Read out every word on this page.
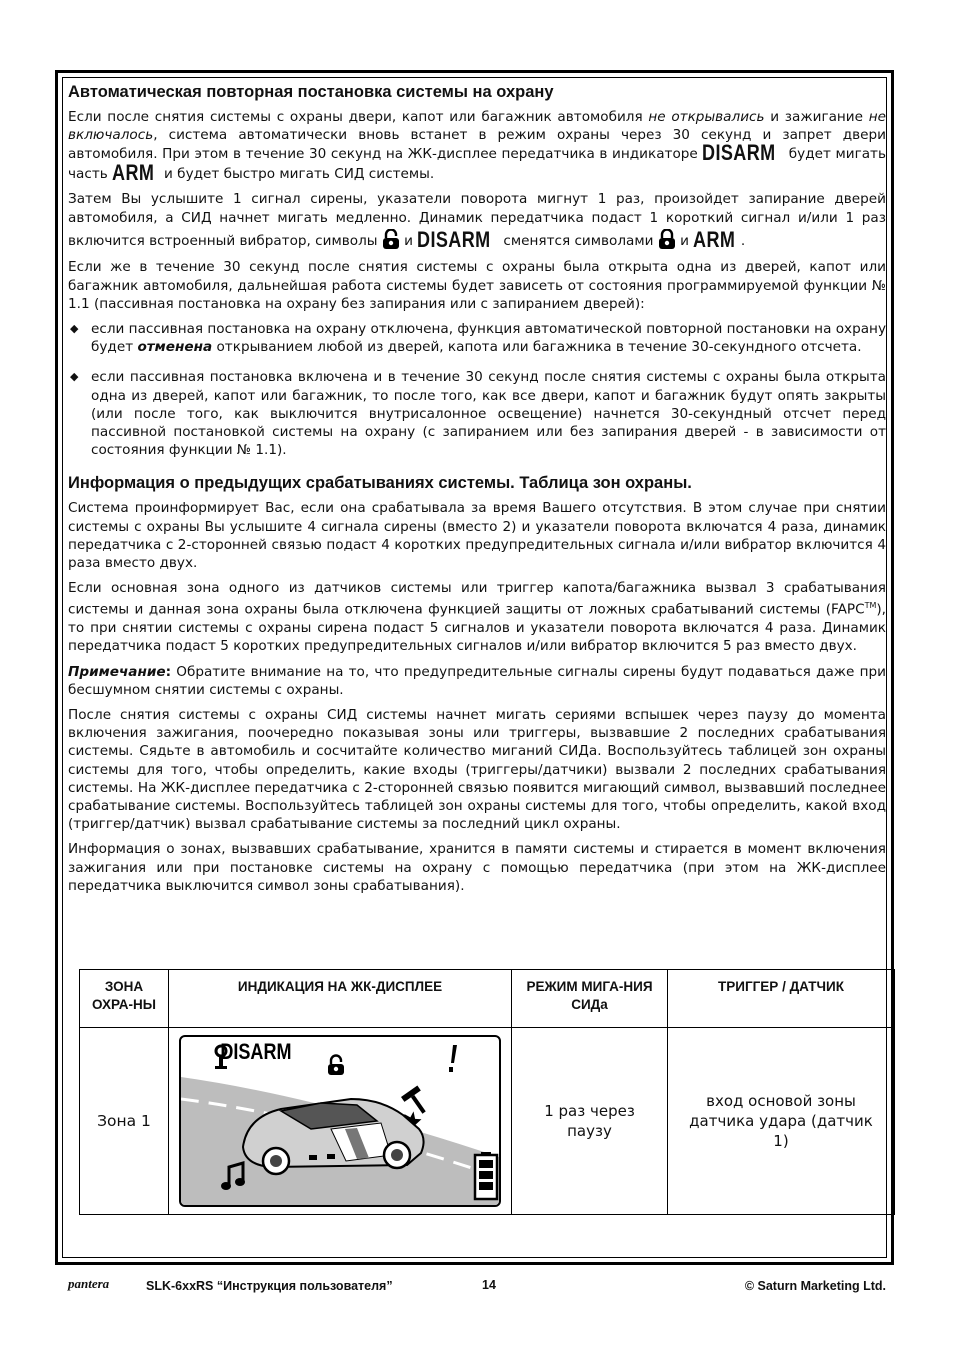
Автоматическая повторная постановка системы на охрану

Если после снятия системы с охраны двери, капот или багажник автомобиля не открывались и зажигание не включалось, система автоматически вновь встанет в режим охраны через 30 секунд и запрет двери автомобиля. При этом в течение 30 секунд на ЖК-дисплее передатчика в индикаторе DISARM будет мигать часть ARM и будет быстро мигать СИД системы.

Затем Вы услышите 1 сигнал сирены, указатели поворота мигнут 1 раз, произойдет запирание дверей автомобиля, а СИД начнет мигать медленно. Динамик передатчика подаст 1 короткий сигнал и/или 1 раз включится встроенный вибратор, символы  и DISARM сменятся символами  и ARM .

Если же в течение 30 секунд после снятия системы с охраны была открыта одна из дверей, капот или багажник автомобиля, дальнейшая работа системы будет зависеть от состояния программируемой функции № 1.1 (пассивная постановка на охрану без запирания или с запиранием дверей):

◆ если пассивная постановка на охрану отключена, функция автоматической повторной постановки на охрану будет отменена открыванием любой из дверей, капота или багажника в течение 30-секундного отсчета.
◆ если пассивная постановка включена и в течение 30 секунд после снятия системы с охраны была открыта одна из дверей, капот или багажник, то после того, как все двери, капот и багажник будут опять закрыты (или после того, как выключится внутрисалонное освещение) начнется 30-секундный отсчет перед пассивной постановкой системы на охрану (с запиранием или без запирания дверей - в зависимости от состояния функции № 1.1).
Информация о предыдущих срабатываниях системы. Таблица зон охраны.

Система проинформирует Вас, если она срабатывала за время Вашего отсутствия. В этом случае при снятии системы с охраны Вы услышите 4 сигнала сирены (вместо 2) и указатели поворота включатся 4 раза, динамик передатчика с 2-сторонней связью подаст 4 коротких предупредительных сигнала и/или вибратор включится 4 раза вместо двух.

Если основная зона одного из датчиков системы или триггер капота/багажника вызвал 3 срабатывания системы и данная зона охраны была отключена функцией защиты от ложных срабатываний системы (FAPC™), то при снятии системы с охраны сирена подаст 5 сигналов и указатели поворота включатся 4 раза. Динамик передатчика подаст 5 коротких предупредительных сигналов и/или вибратор включится 5 раз вместо двух.

Примечание: Обратите внимание на то, что предупредительные сигналы сирены будут подаваться даже при бесшумном снятии системы с охраны.

После снятия системы с охраны СИД системы начнет мигать сериями вспышек через паузу до момента включения зажигания, поочередно показывая зоны или триггеры, вызвавшие 2 последних срабатывания системы. Сядьте в автомобиль и сосчитайте количество миганий СИДа. Воспользуйтесь таблицей зон охраны системы для того, чтобы определить, какие входы (триггеры/датчики) вызвали 2 последних срабатывания системы. На ЖК-дисплее передатчика с 2-сторонней связью появится мигающий символ, вызвавший последнее срабатывание системы. Воспользуйтесь таблицей зон охраны системы для того, чтобы определить, какой вход (триггер/датчик) вызвал срабатывание системы за последний цикл охраны.

Информация о зонах, вызвавших срабатывание, хранится в памяти системы и стирается в момент включения зажигания или при постановке системы на охрану с помощью передатчика (при этом на ЖК-дисплее передатчика выключится символ зоны срабатывания).

ЗОНА ОХРА-НЫ	ИНДИКАЦИЯ НА ЖК-ДИСПЛЕЕ	РЕЖИМ МИГА-НИЯ СИДа	ТРИГГЕР / ДАТЧИК
Зона 1	DISARM	1 раз через паузу	вход основой зоны датчика удара (датчик 1)
pantera	SLK-6xxRS “Инструкция пользователя”	14	© Saturn Marketing Ltd.
